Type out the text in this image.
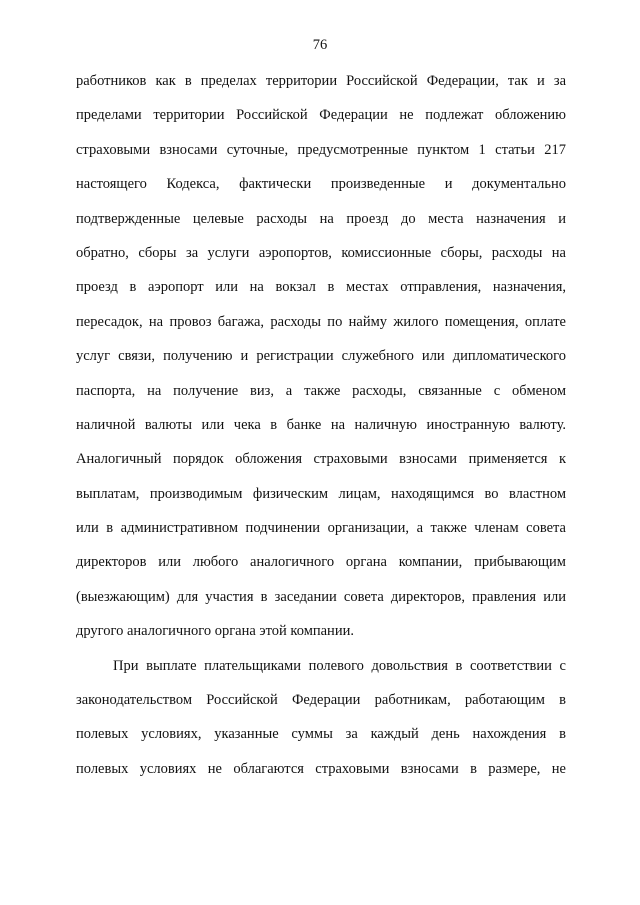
76
работников как в пределах территории Российской Федерации, так и за
пределами территории Российской Федерации не подлежат обложению
страховыми взносами суточные, предусмотренные пунктом 1 статьи 217
настоящего Кодекса, фактически произведенные и документально
подтвержденные целевые расходы на проезд до места назначения и
обратно, сборы за услуги аэропортов, комиссионные сборы, расходы на
проезд в аэропорт или на вокзал в местах отправления, назначения,
пересадок, на провоз багажа, расходы по найму жилого помещения, оплате
услуг связи, получению и регистрации служебного или дипломатического
паспорта, на получение виз, а также расходы, связанные с обменом
наличной валюты или чека в банке на наличную иностранную валюту.
Аналогичный порядок обложения страховыми взносами применяется к
выплатам, производимым физическим лицам, находящимся во властном
или в административном подчинении организации, а также членам совета
директоров или любого аналогичного органа компании, прибывающим
(выезжающим) для участия в заседании совета директоров, правления или
другого аналогичного органа этой компании.
При выплате плательщиками полевого довольствия в соответствии с
законодательством Российской Федерации работникам, работающим в
полевых условиях, указанные суммы за каждый день нахождения в
полевых условиях не облагаются страховыми взносами в размере, не
